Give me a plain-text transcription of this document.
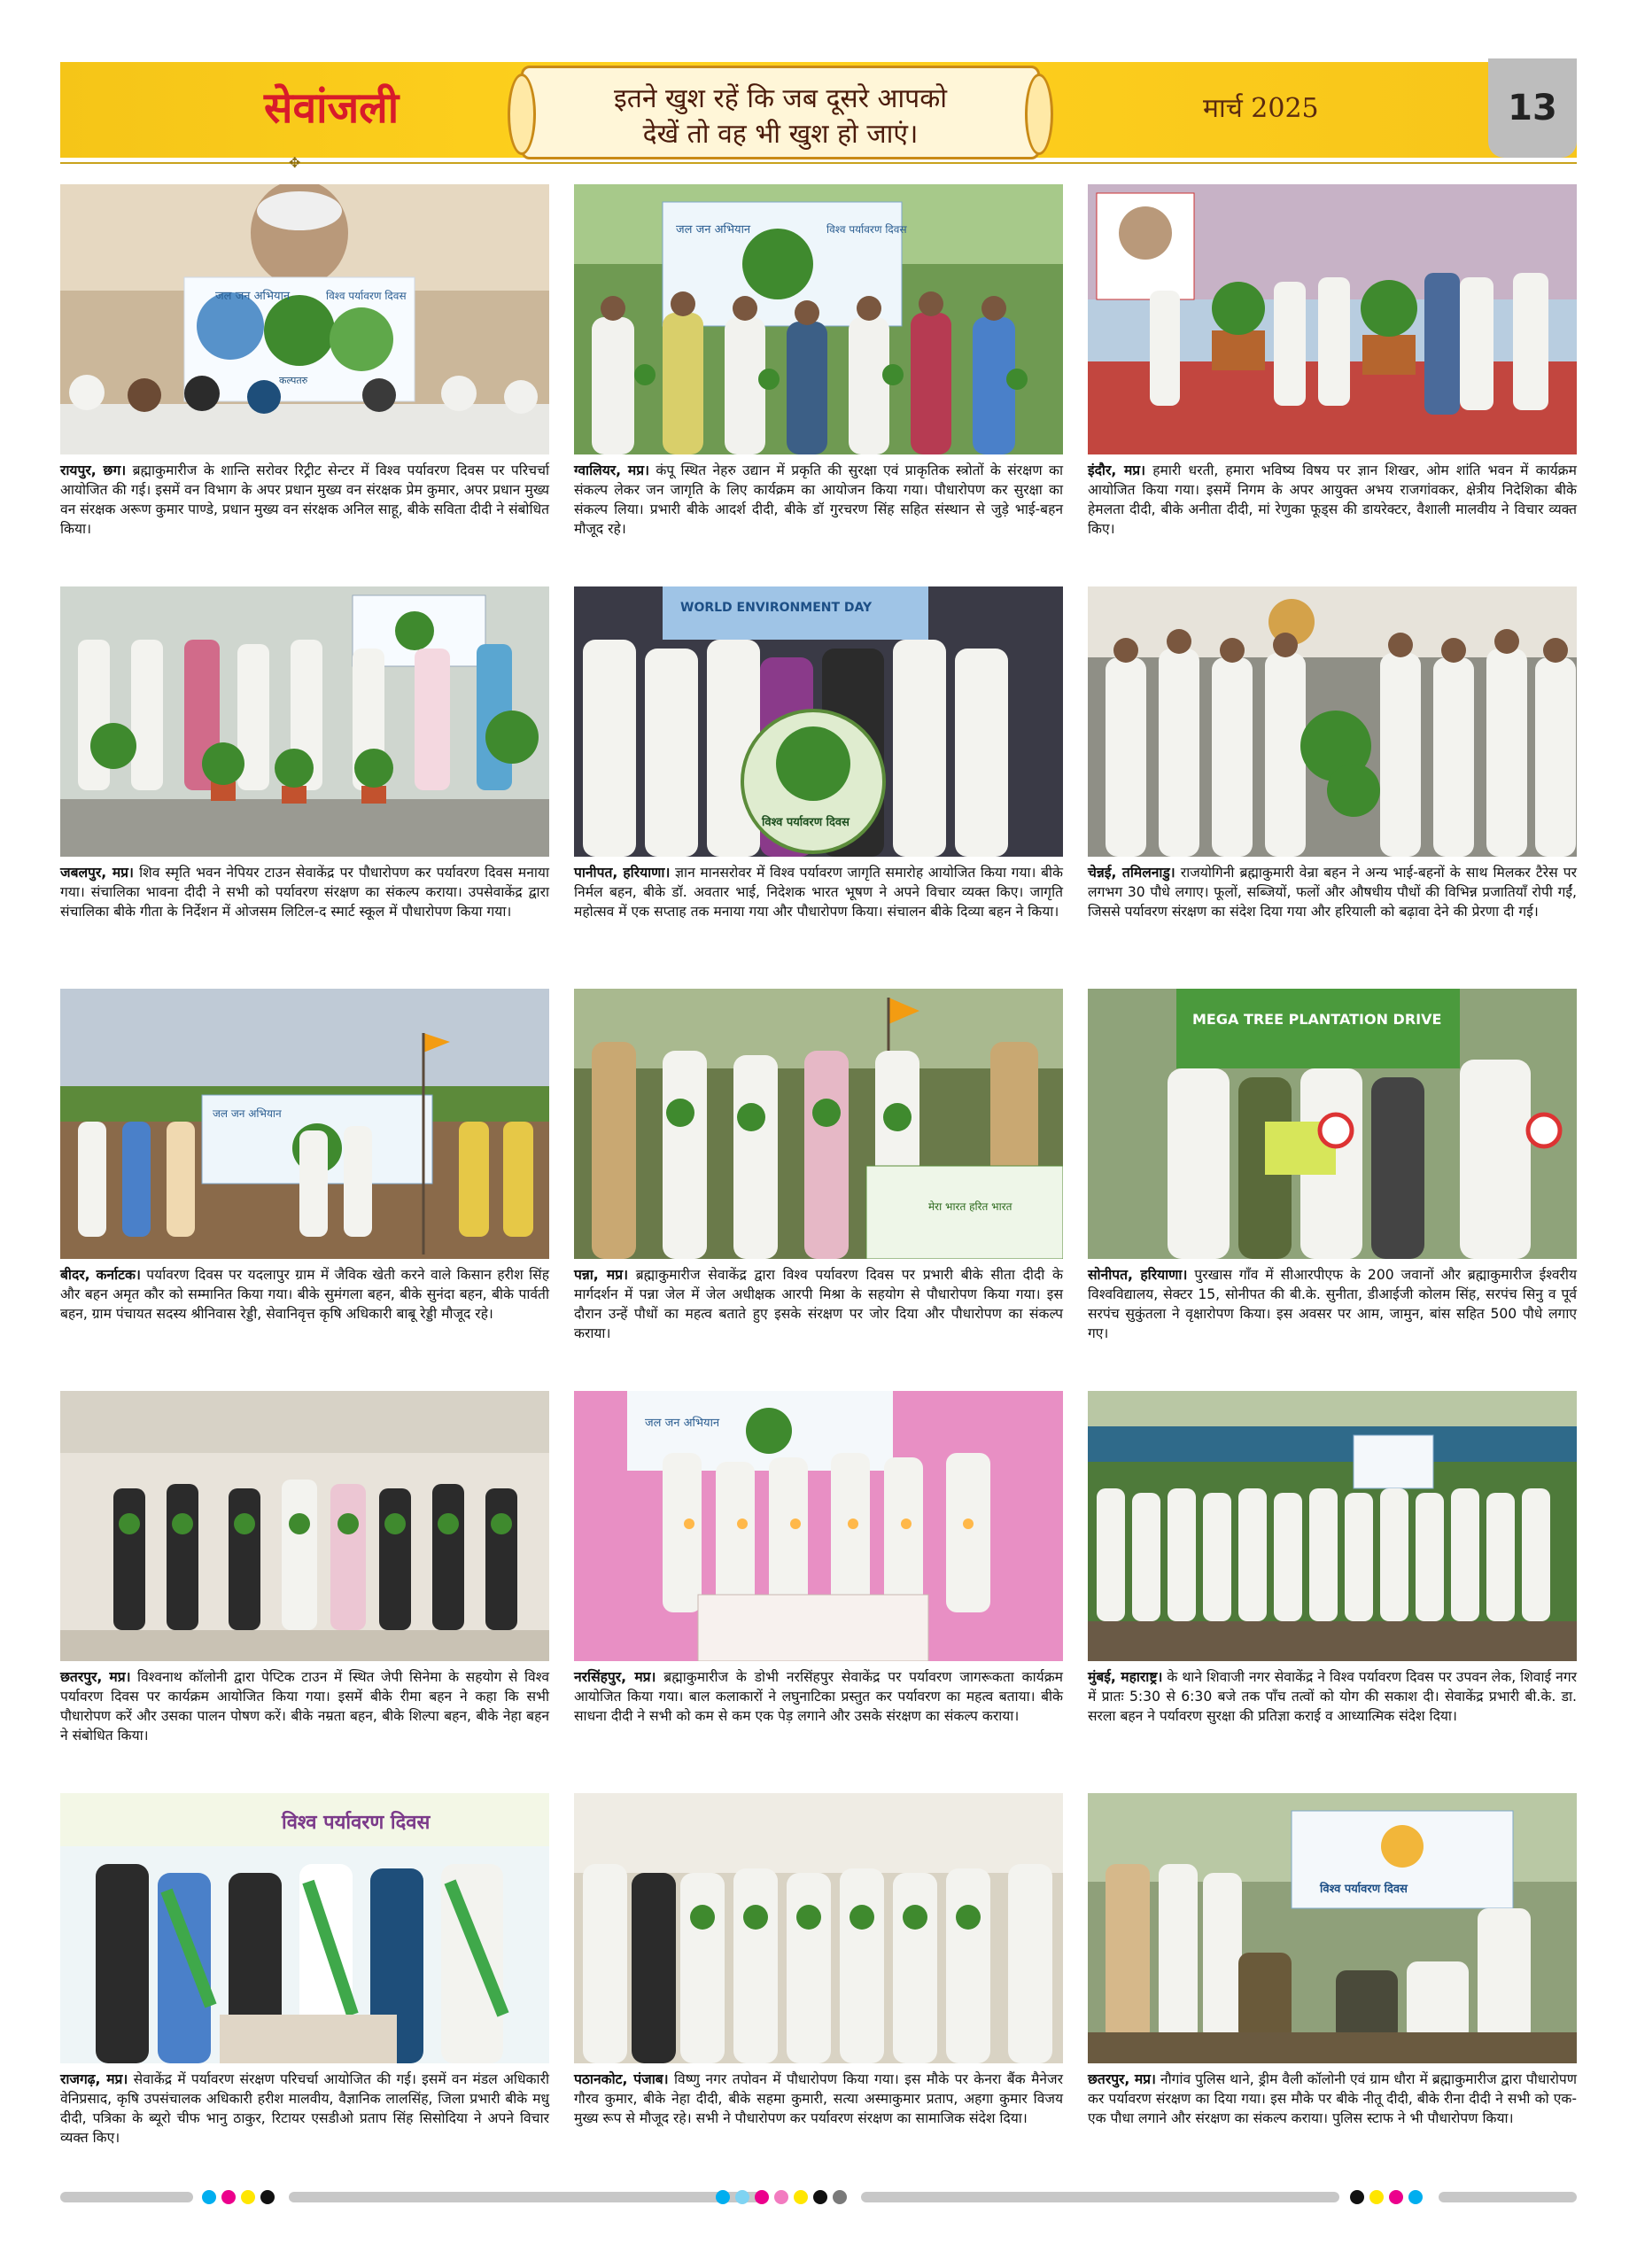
सेवांजली	इतने खुश रहें कि जब दूसरे आपको
देखें तो वह भी खुश हो जाएं।
मार्च 2025	13
✥
जल जन अभियान	विश्व पर्यावरण दिवस
कल्पतरु
रायपुर, छग। ब्रह्माकुमारीज के शान्ति सरोवर रिट्रीट सेन्टर में विश्व पर्यावरण दिवस पर परिचर्चा आयोजित की गई। इसमें वन विभाग के अपर प्रधान मुख्य वन संरक्षक प्रेम कुमार, अपर प्रधान मुख्य वन संरक्षक अरूण कुमार पाण्डे, प्रधान मुख्य वन संरक्षक अनिल साहू, बीके सविता दीदी ने संबोधित किया।
जल जन अभियान	विश्व पर्यावरण दिवस
ग्वालियर, मप्र। कंपू स्थित नेहरु उद्यान में प्रकृति की सुरक्षा एवं प्राकृतिक स्त्रोतों के संरक्षण का संकल्प लेकर जन जागृति के लिए कार्यक्रम का आयोजन किया गया। पौधारोपण कर सुरक्षा का संकल्प लिया। प्रभारी बीके आदर्श दीदी, बीके डॉ गुरचरण सिंह सहित संस्थान से जुड़े भाई-बहन मौजूद रहे।
इंदौर, मप्र। हमारी धरती, हमारा भविष्य विषय पर ज्ञान शिखर, ओम शांति भवन में कार्यक्रम आयोजित किया गया। इसमें निगम के अपर आयुक्त अभय राजगांवकर, क्षेत्रीय निदेशिका बीके हेमलता दीदी, बीके अनीता दीदी, मां रेणुका फूड्स की डायरेक्टर, वैशाली मालवीय ने विचार व्यक्त किए।
जबलपुर, मप्र। शिव स्मृति भवन नेपियर टाउन सेवाकेंद्र पर पौधारोपण कर पर्यावरण दिवस मनाया गया। संचालिका भावना दीदी ने सभी को पर्यावरण संरक्षण का संकल्प कराया। उपसेवाकेंद्र द्वारा संचालिका बीके गीता के निर्देशन में ओजसम लिटिल-द स्मार्ट स्कूल में पौधारोपण किया गया।
WORLD ENVIRONMENT DAY
विश्व पर्यावरण दिवस
पानीपत, हरियाणा। ज्ञान मानसरोवर में विश्व पर्यावरण जागृति समारोह आयोजित किया गया। बीके निर्मल बहन, बीके डॉ. अवतार भाई, निदेशक भारत भूषण ने अपने विचार व्यक्त किए। जागृति महोत्सव में एक सप्ताह तक मनाया गया और पौधारोपण किया। संचालन बीके दिव्या बहन ने किया।
चेन्नई, तमिलनाडु। राजयोगिनी ब्रह्माकुमारी वेन्रा बहन ने अन्य भाई-बहनों के साथ मिलकर टैरेस पर लगभग 30 पौधे लगाए। फूलों, सब्जियों, फलों और औषधीय पौधों की विभिन्न प्रजातियाँ रोपी गईं, जिससे पर्यावरण संरक्षण का संदेश दिया गया और हरियाली को बढ़ावा देने की प्रेरणा दी गई।
जल जन अभियान
बीदर, कर्नाटक। पर्यावरण दिवस पर यदलापुर ग्राम में जैविक खेती करने वाले किसान हरीश सिंह और बहन अमृत कौर को सम्मानित किया गया। बीके सुमंगला बहन, बीके सुनंदा बहन, बीके पार्वती बहन, ग्राम पंचायत सदस्य श्रीनिवास रेड्डी, सेवानिवृत्त कृषि अधिकारी बाबू रेड्डी मौजूद रहे।
मेरा भारत हरित भारत
पन्ना, मप्र। ब्रह्माकुमारीज सेवाकेंद्र द्वारा विश्व पर्यावरण दिवस पर प्रभारी बीके सीता दीदी के मार्गदर्शन में पन्ना जेल में जेल अधीक्षक आरपी मिश्रा के सहयोग से पौधारोपण किया गया। इस दौरान उन्हें पौधों का महत्व बताते हुए इसके संरक्षण पर जोर दिया और पौधारोपण का संकल्प कराया।
MEGA TREE PLANTATION DRIVE
सोनीपत, हरियाणा। पुरखास गाँव में सीआरपीएफ के 200 जवानों और ब्रह्माकुमारीज ईश्वरीय विश्वविद्यालय, सेक्टर 15, सोनीपत की बी.के. सुनीता, डीआईजी कोलम सिंह, सरपंच सिनु व पूर्व सरपंच सुकुंतला ने वृक्षारोपण किया। इस अवसर पर आम, जामुन, बांस सहित 500 पौधे लगाए गए।
छतरपुर, मप्र। विश्वनाथ कॉलोनी द्वारा पेप्टिक टाउन में स्थित जेपी सिनेमा के सहयोग से विश्व पर्यावरण दिवस पर कार्यक्रम आयोजित किया गया। इसमें बीके रीमा बहन ने कहा कि सभी पौधारोपण करें और उसका पालन पोषण करें। बीके नम्रता बहन, बीके शिल्पा बहन, बीके नेहा बहन ने संबोधित किया।
जल जन अभियान
नरसिंहपुर, मप्र। ब्रह्माकुमारीज के डोभी नरसिंहपुर सेवाकेंद्र पर पर्यावरण जागरूकता कार्यक्रम आयोजित किया गया। बाल कलाकारों ने लघुनाटिका प्रस्तुत कर पर्यावरण का महत्व बताया। बीके साधना दीदी ने सभी को कम से कम एक पेड़ लगाने और उसके संरक्षण का संकल्प कराया।
मुंबई, महाराष्ट्र। के थाने शिवाजी नगर सेवाकेंद्र ने विश्व पर्यावरण दिवस पर उपवन लेक, शिवाई नगर में प्रातः 5:30 से 6:30 बजे तक पाँच तत्वों को योग की सकाश दी। सेवाकेंद्र प्रभारी बी.के. डा. सरला बहन ने पर्यावरण सुरक्षा की प्रतिज्ञा कराई व आध्यात्मिक संदेश दिया।
विश्व पर्यावरण दिवस
राजगढ़, मप्र। सेवाकेंद्र में पर्यावरण संरक्षण परिचर्चा आयोजित की गई। इसमें वन मंडल अधिकारी वेनिप्रसाद, कृषि उपसंचालक अधिकारी हरीश मालवीय, वैज्ञानिक लालसिंह, जिला प्रभारी बीके मधु दीदी, पत्रिका के ब्यूरो चीफ भानु ठाकुर, रिटायर एसडीओ प्रताप सिंह सिसोदिया ने अपने विचार व्यक्त किए।
पठानकोट, पंजाब। विष्णु नगर तपोवन में पौधारोपण किया गया। इस मौके पर केनरा बैंक मैनेजर गौरव कुमार, बीके नेहा दीदी, बीके सहमा कुमारी, सत्या अस्माकुमार प्रताप, अहगा कुमार विजय मुख्य रूप से मौजूद रहे। सभी ने पौधारोपण कर पर्यावरण संरक्षण का सामाजिक संदेश दिया।
विश्व पर्यावरण दिवस
छतरपुर, मप्र। नौगांव पुलिस थाने, ड्रीम वैली कॉलोनी एवं ग्राम धौरा में ब्रह्माकुमारीज द्वारा पौधारोपण कर पर्यावरण संरक्षण का दिया गया। इस मौके पर बीके नीतू दीदी, बीके रीना दीदी ने सभी को एक-एक पौधा लगाने और संरक्षण का संकल्प कराया। पुलिस स्टाफ ने भी पौधारोपण किया।
